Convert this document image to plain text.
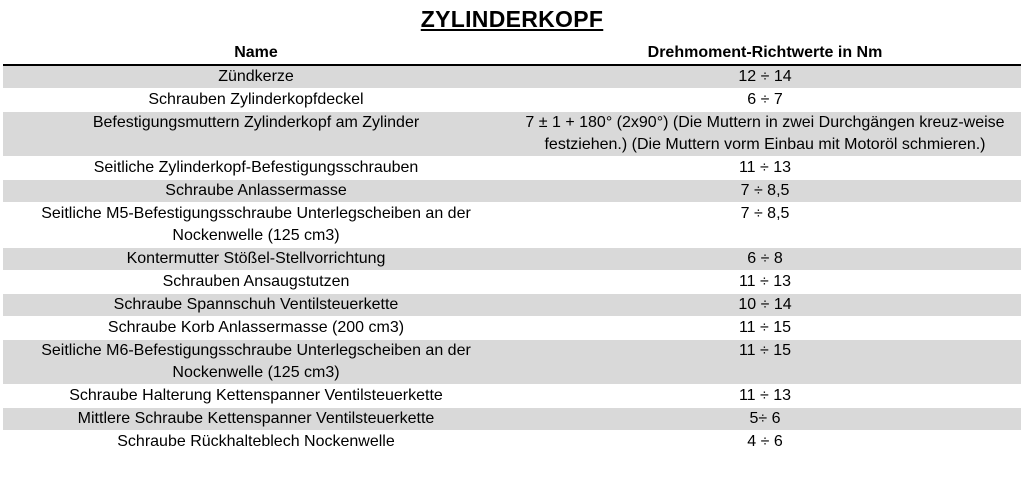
ZYLINDERKOPF
Name	Drehmoment-Richtwerte in Nm
Zündkerze	12 ÷ 14
Schrauben Zylinderkopfdeckel	6 ÷ 7
Befestigungsmuttern Zylinderkopf am Zylinder	7 ± 1 + 180° (2x90°) (Die Muttern in zwei Durchgängen kreuz-weise festziehen.) (Die Muttern vorm Einbau mit Motoröl schmieren.)
Seitliche Zylinderkopf-Befestigungsschrauben	11 ÷ 13
Schraube Anlassermasse	7 ÷ 8,5
Seitliche M5-Befestigungsschraube Unterlegscheiben an der Nockenwelle (125 cm3)	7 ÷ 8,5
Kontermutter Stößel-Stellvorrichtung	6 ÷ 8
Schrauben Ansaugstutzen	11 ÷ 13
Schraube Spannschuh Ventilsteuerkette	10 ÷ 14
Schraube Korb Anlassermasse (200 cm3)	11 ÷ 15
Seitliche M6-Befestigungsschraube Unterlegscheiben an der Nockenwelle (125 cm3)	11 ÷ 15
Schraube Halterung Kettenspanner Ventilsteuerkette	11 ÷ 13
Mittlere Schraube Kettenspanner Ventilsteuerkette	5÷ 6
Schraube Rückhalteblech Nockenwelle	4 ÷ 6
